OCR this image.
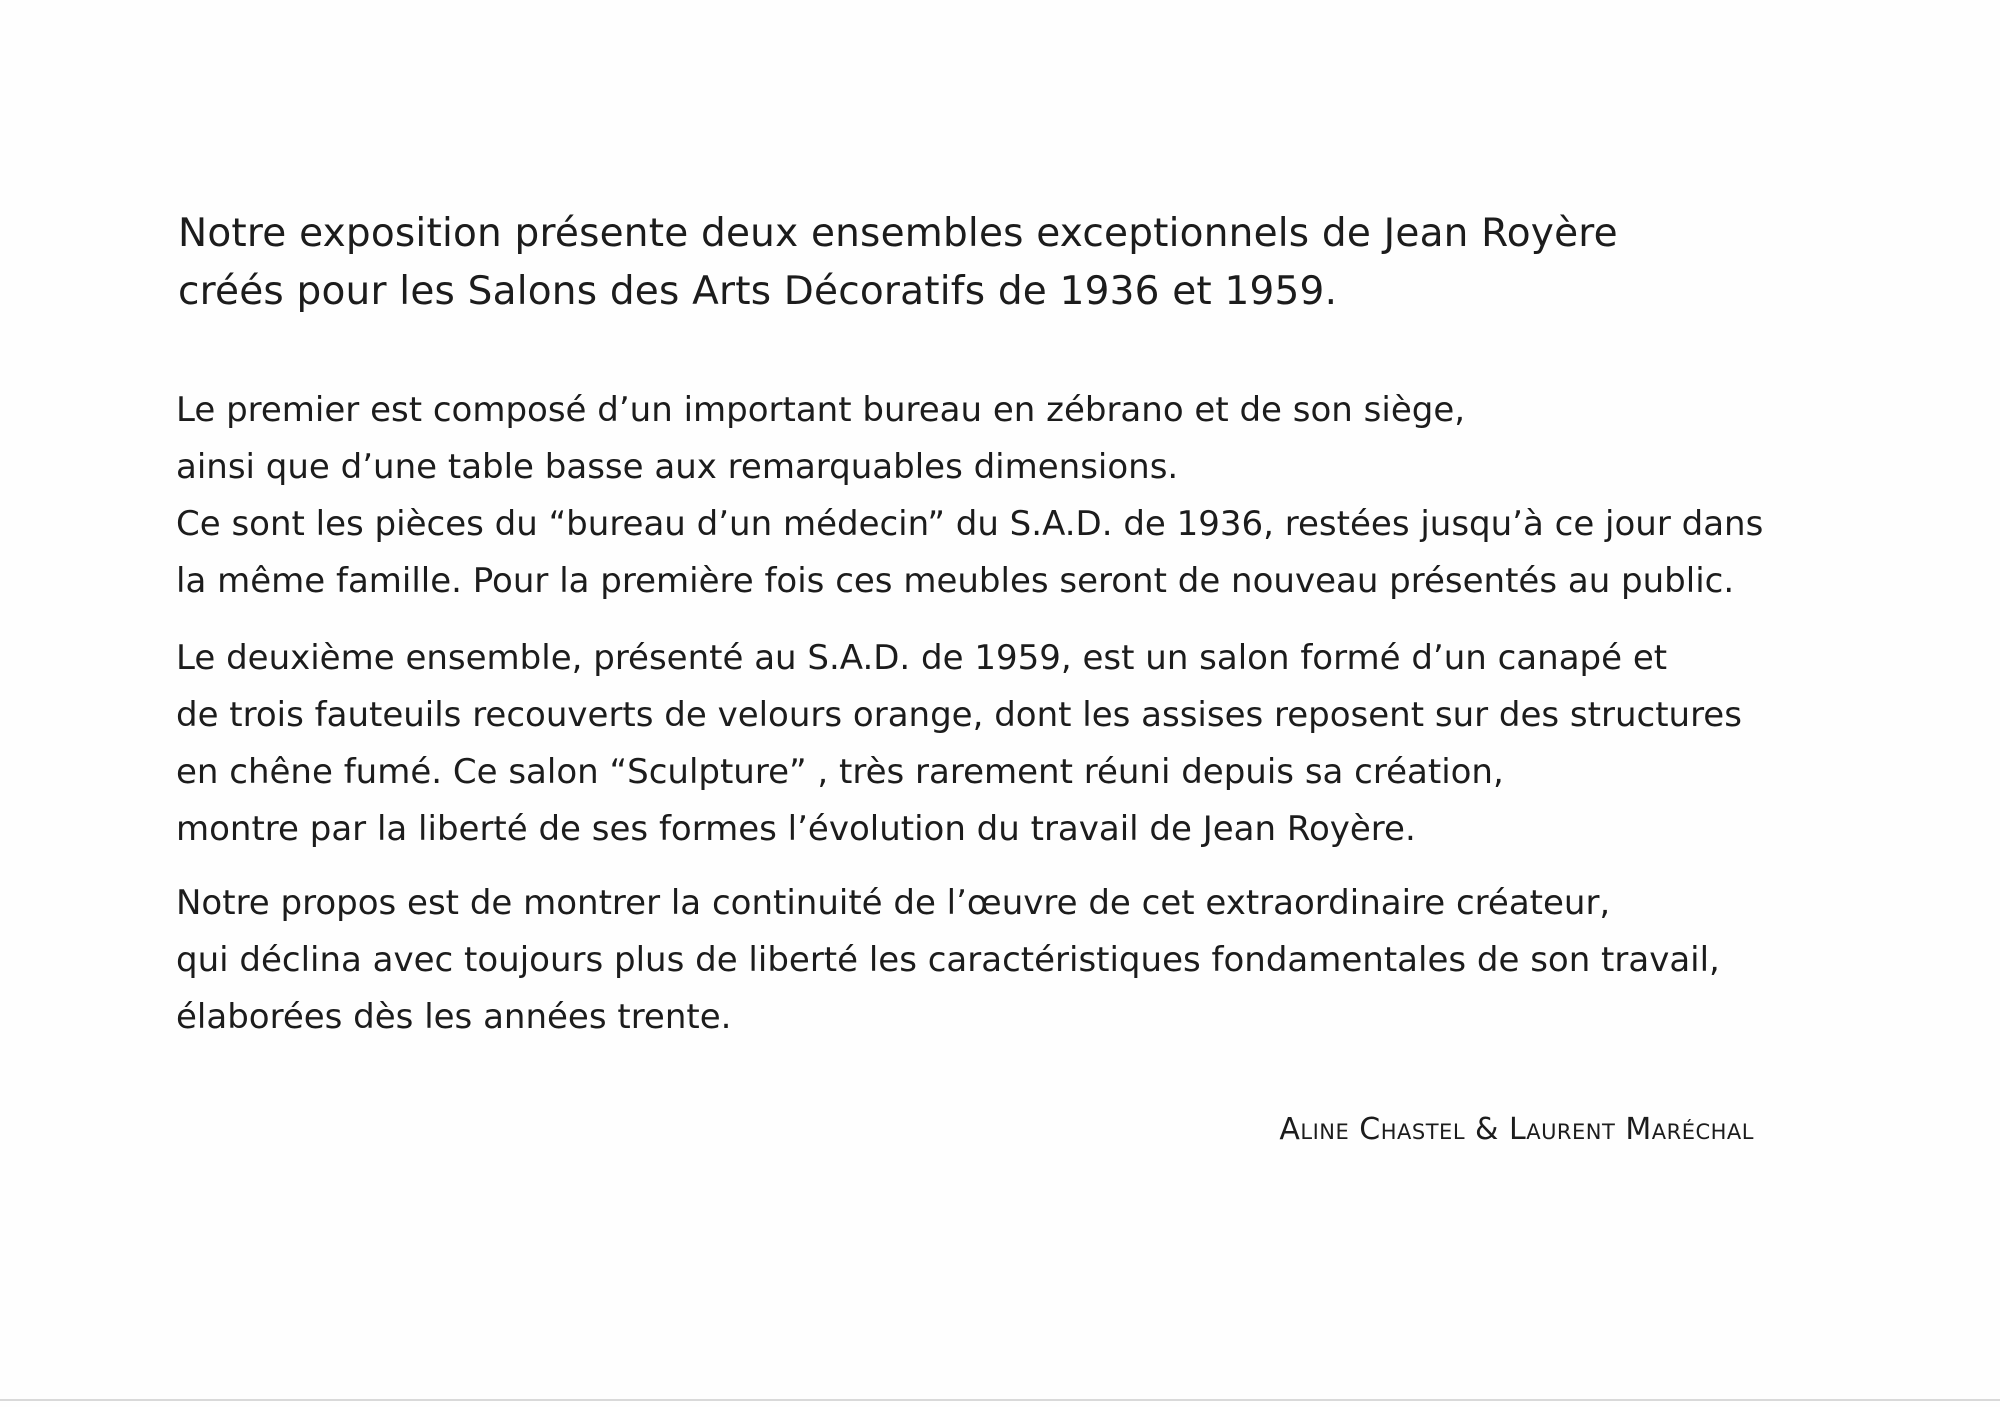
Notre exposition présente deux ensembles exceptionnels de Jean Royère
créés pour les Salons des Arts Décoratifs de 1936 et 1959.
Le premier est composé d’un important bureau en zébrano et de son siège,
ainsi que d’une table basse aux remarquables dimensions.
Ce sont les pièces du “bureau d’un médecin” du S.A.D. de 1936, restées jusqu’à ce jour dans
la même famille. Pour la première fois ces meubles seront de nouveau présentés au public.
Le deuxième ensemble, présenté au S.A.D. de 1959, est un salon formé d’un canapé et
de trois fauteuils recouverts de velours orange, dont les assises reposent sur des structures
en chêne fumé. Ce salon “Sculpture” , très rarement réuni depuis sa création,
montre par la liberté de ses formes l’évolution du travail de Jean Royère.
Notre propos est de montrer la continuité de l’œuvre de cet extraordinaire créateur,
qui déclina avec toujours plus de liberté les caractéristiques fondamentales de son travail,
élaborées dès les années trente.
Aline Chastel & Laurent Maréchal
